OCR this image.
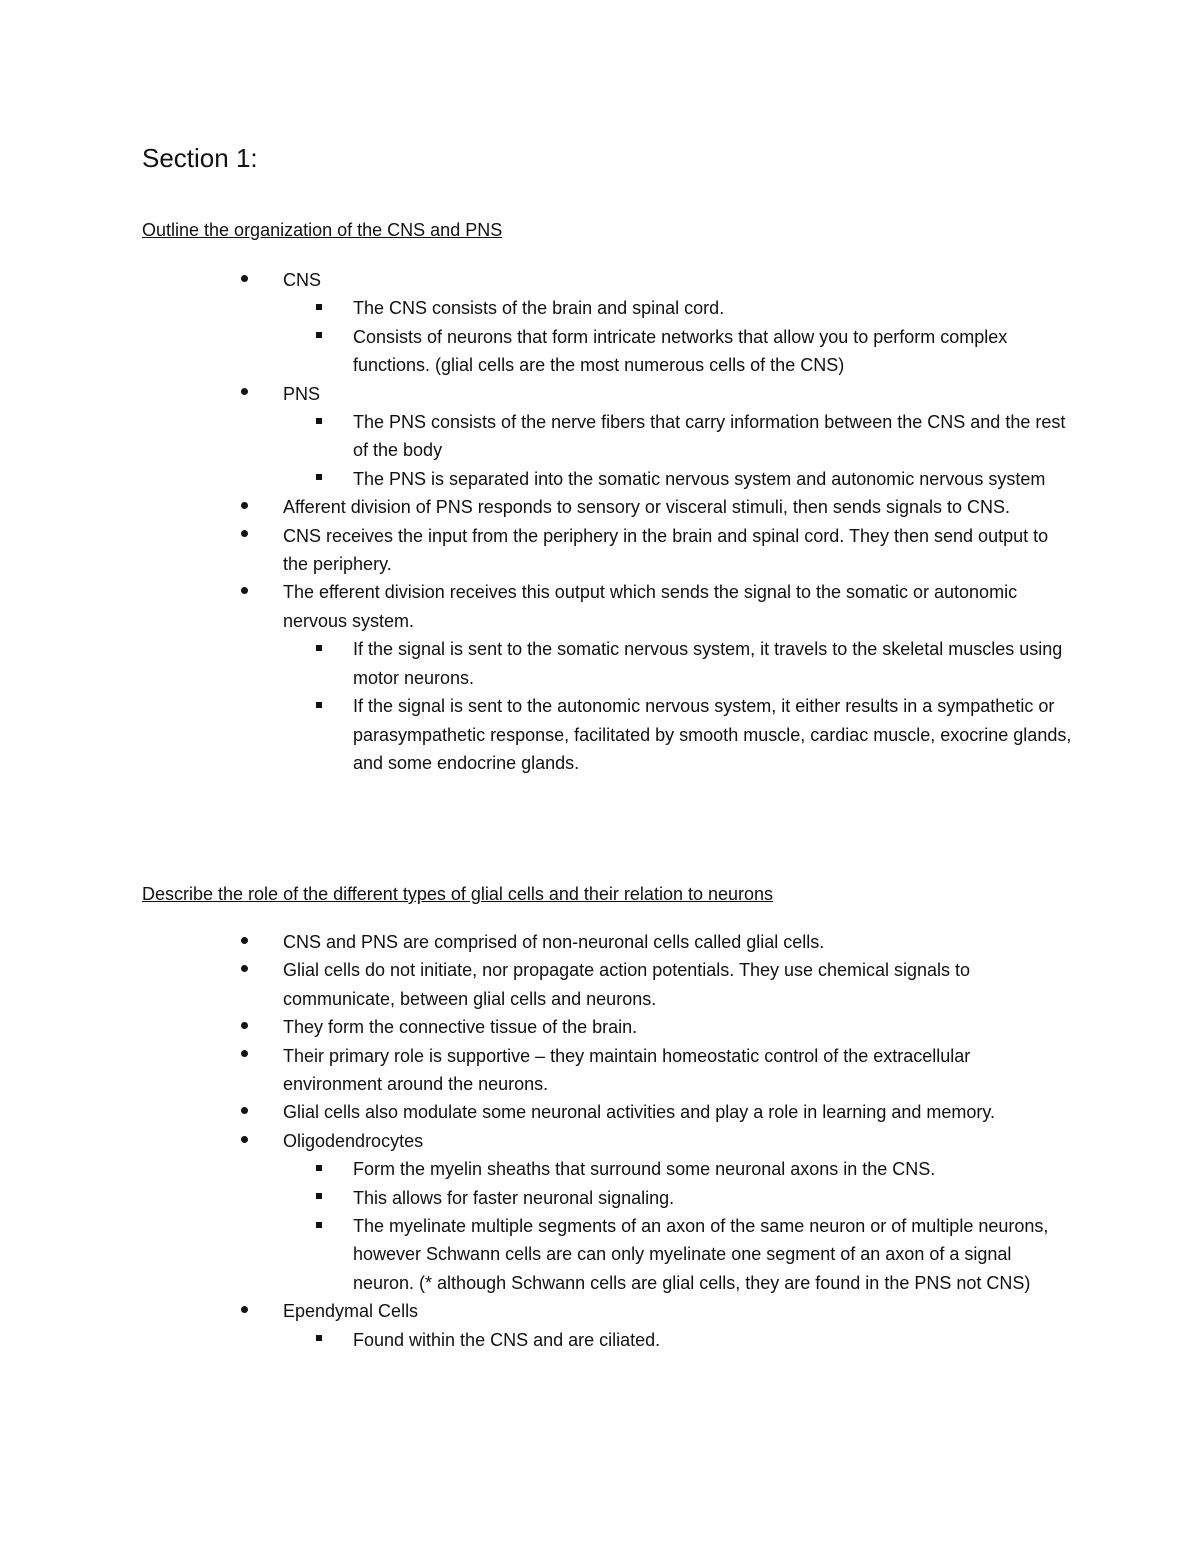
Section 1:

Outline the organization of the CNS and PNS

CNS
The CNS consists of the brain and spinal cord.
Consists of neurons that form intricate networks that allow you to perform complex functions. (glial cells are the most numerous cells of the CNS)
PNS
The PNS consists of the nerve fibers that carry information between the CNS and the rest of the body
The PNS is separated into the somatic nervous system and autonomic nervous system
Afferent division of PNS responds to sensory or visceral stimuli, then sends signals to CNS.
CNS receives the input from the periphery in the brain and spinal cord. They then send output to the periphery.
The efferent division receives this output which sends the signal to the somatic or autonomic nervous system.
If the signal is sent to the somatic nervous system, it travels to the skeletal muscles using motor neurons.
If the signal is sent to the autonomic nervous system, it either results in a sympathetic or parasympathetic response, facilitated by smooth muscle, cardiac muscle, exocrine glands, and some endocrine glands.

Describe the role of the different types of glial cells and their relation to neurons

CNS and PNS are comprised of non-neuronal cells called glial cells.
Glial cells do not initiate, nor propagate action potentials. They use chemical signals to communicate, between glial cells and neurons.
They form the connective tissue of the brain.
Their primary role is supportive – they maintain homeostatic control of the extracellular environment around the neurons.
Glial cells also modulate some neuronal activities and play a role in learning and memory.
Oligodendrocytes
Form the myelin sheaths that surround some neuronal axons in the CNS.
This allows for faster neuronal signaling.
The myelinate multiple segments of an axon of the same neuron or of multiple neurons, however Schwann cells are can only myelinate one segment of an axon of a signal neuron. (* although Schwann cells are glial cells, they are found in the PNS not CNS)
Ependymal Cells
Found within the CNS and are ciliated.
